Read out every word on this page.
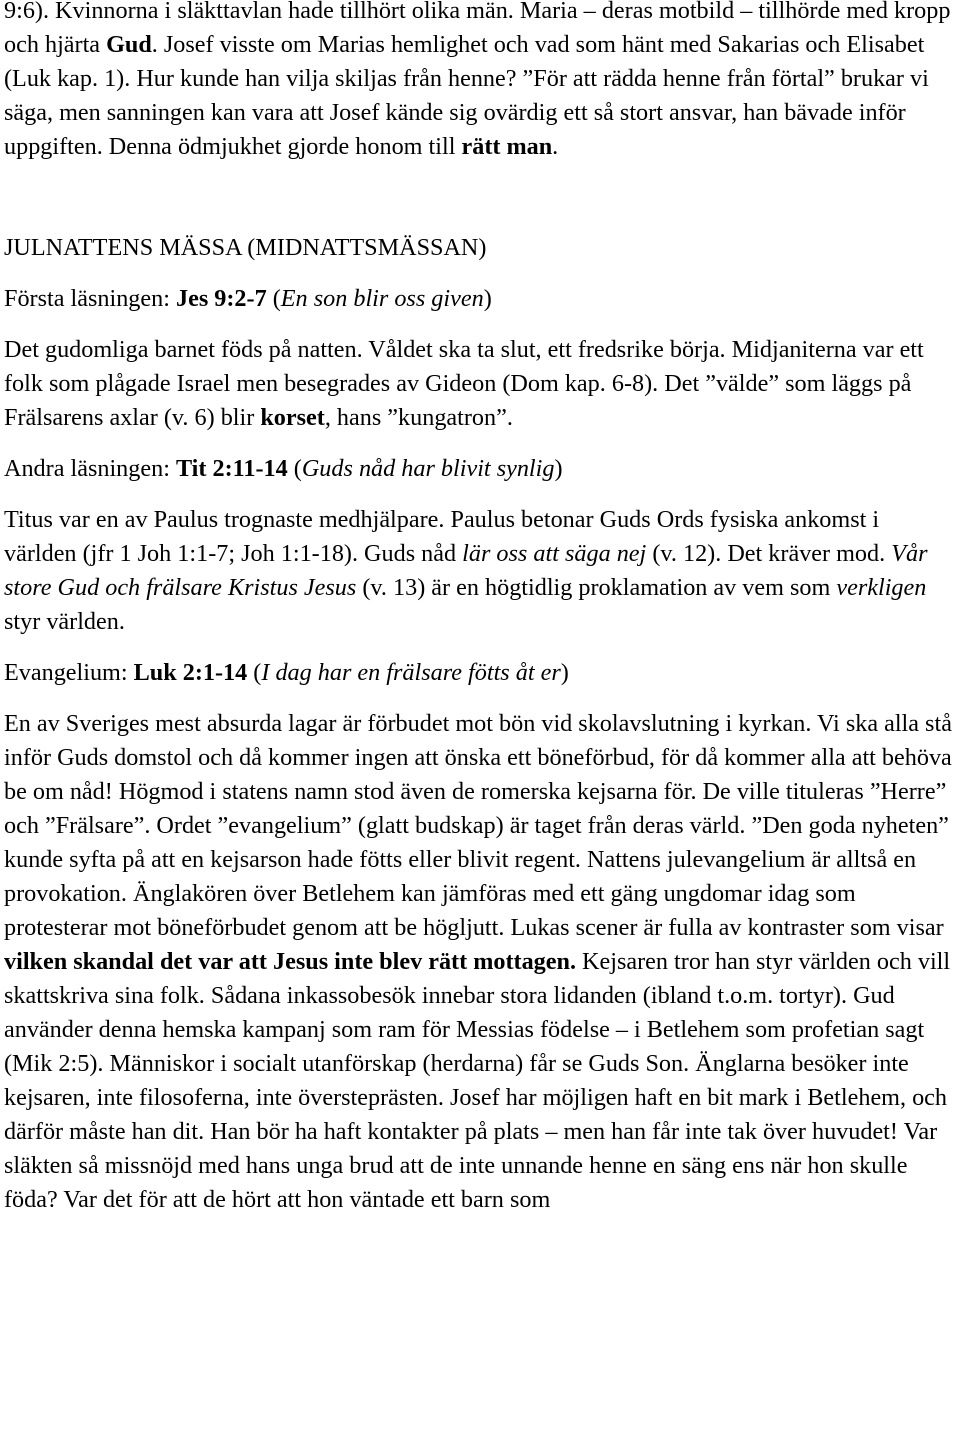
9:6). Kvinnorna i släkttavlan hade tillhört olika män. Maria – deras motbild – tillhörde med kropp och hjärta Gud. Josef visste om Marias hemlighet och vad som hänt med Sakarias och Elisabet (Luk kap. 1). Hur kunde han vilja skiljas från henne? ”För att rädda henne från förtal” brukar vi säga, men sanningen kan vara att Josef kände sig ovärdig ett så stort ansvar, han bävade inför uppgiften. Denna ödmjukhet gjorde honom till rätt man.

JULNATTENS MÄSSA (MIDNATTSMÄSSAN)

Första läsningen: Jes 9:2-7 (En son blir oss given)

Det gudomliga barnet föds på natten. Våldet ska ta slut, ett fredsrike börja. Midjaniterna var ett folk som plågade Israel men besegrades av Gideon (Dom kap. 6-8). Det ”välde” som läggs på Frälsarens axlar (v. 6) blir korset, hans ”kungatron”.

Andra läsningen: Tit 2:11-14 (Guds nåd har blivit synlig)

Titus var en av Paulus trognaste medhjälpare. Paulus betonar Guds Ords fysiska ankomst i världen (jfr 1 Joh 1:1-7; Joh 1:1-18). Guds nåd lär oss att säga nej (v. 12). Det kräver mod. Vår store Gud och frälsare Kristus Jesus (v. 13) är en högtidlig proklamation av vem som verkligen styr världen.

Evangelium: Luk 2:1-14 (I dag har en frälsare fötts åt er)

En av Sveriges mest absurda lagar är förbudet mot bön vid skolavslutning i kyrkan. Vi ska alla stå inför Guds domstol och då kommer ingen att önska ett böneförbud, för då kommer alla att behöva be om nåd! Högmod i statens namn stod även de romerska kejsarna för. De ville tituleras ”Herre” och ”Frälsare”. Ordet ”evangelium” (glatt budskap) är taget från deras värld. ”Den goda nyheten” kunde syfta på att en kejsarson hade fötts eller blivit regent. Nattens julevangelium är alltså en provokation. Änglakören över Betlehem kan jämföras med ett gäng ungdomar idag som protesterar mot böneförbudet genom att be högljutt. Lukas scener är fulla av kontraster som visar vilken skandal det var att Jesus inte blev rätt mottagen. Kejsaren tror han styr världen och vill skattskriva sina folk. Sådana inkassobesök innebar stora lidanden (ibland t.o.m. tortyr). Gud använder denna hemska kampanj som ram för Messias födelse – i Betlehem som profetian sagt (Mik 2:5). Människor i socialt utanförskap (herdarna) får se Guds Son. Änglarna besöker inte kejsaren, inte filosoferna, inte översteprästen. Josef har möjligen haft en bit mark i Betlehem, och därför måste han dit. Han bör ha haft kontakter på plats – men han får inte tak över huvudet! Var släkten så missnöjd med hans unga brud att de inte unnande henne en säng ens när hon skulle föda? Var det för att de hört att hon väntade ett barn som
